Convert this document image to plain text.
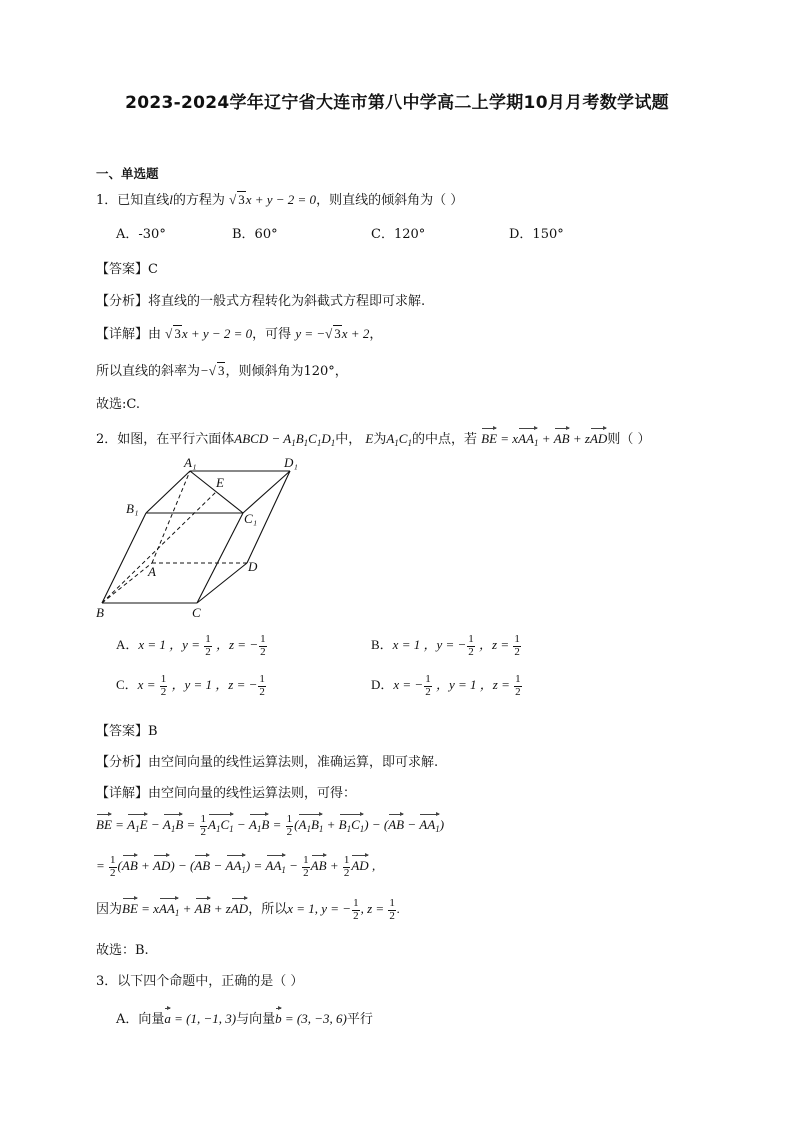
2023-2024学年辽宁省大连市第八中学高二上学期10月月考数学试题
一、单选题
1．已知直线l的方程为 √ 3x + y − 2 = 0，则直线的倾斜角为（ ）
A．-30°	B．60°	C．120°	D．150°
【答案】C
【分析】将直线的一般式方程转化为斜截式方程即可求解.
【详解】由 √ 3x + y − 2 = 0，可得 y = −√ 3x + 2，
所以直线的斜率为−√ 3，则倾斜角为120°，
故选:C.
2．如图，在平行六面体ABCD − $A_1B_1C_1D_1$中， E为$A_1C_1$的中点，若 BE = xAA$_1$ + AB + zAD则（ ）
A₁	D₁
E
B₁
C₁
A	D
B	C
A．x = 1 ，$y = \frac{1}{2}$ ，z = − $\frac{1}{2}$	B．x = 1 ，y = − $\frac{1}{2}$ ，$z = \frac{1}{2}$
C．$x = \frac{1}{2}$ ，y = 1 ，z = − $\frac{1}{2}$	D．x = − $\frac{1}{2}$ ，y = 1 ，$z = \frac{1}{2}$
【答案】B
【分析】由空间向量的线性运算法则，准确运算，即可求解.
【详解】由空间向量的线性运算法则，可得：
BE = $A_1E - A_1B = \frac{1}{2} A_1C_1 - A_1B = \frac{1}{2} (A_1B_1 + B_1C_1) - (AB - AA_1)$
= $\frac{1}{2} (AB + AD) - (AB - AA_1) = AA_1 - \frac{1}{2}$ AB + $\frac{1}{2}$ AD ,
因为BE = xAA$_1$ + AB + zAD，所以x = 1, y = − $\frac{1}{2}$ , $z = \frac{1}{2}$ .
故选：B.
3．以下四个命题中，正确的是（ ）
A．向量a = (1, −1, 3)与向量b = (3, −3, 6)平行
